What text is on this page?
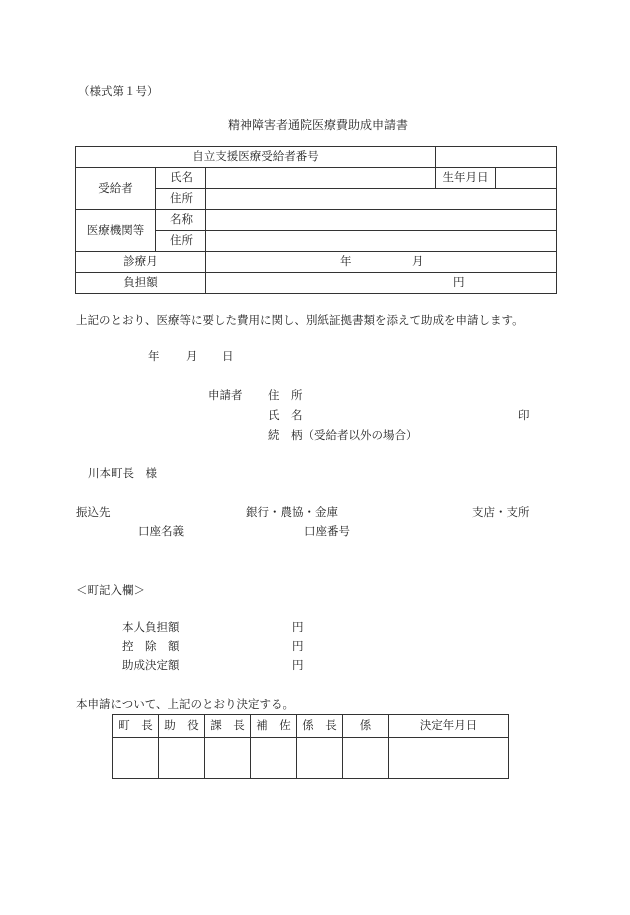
（様式第１号）
精神障害者通院医療費助成申請書
自立支援医療受給者番号				
受給者	氏名		生年月日	
	住所			
医療機関等	名称			
	住所			
診療月		年 月		

負担額		円		
上記のとおり、医療等に要した費用に関し、別紙証拠書類を添えて助成を申請します。
年 月 日
申請者 住　所
氏　名	印
続　柄（受給者以外の場合）
川本町長　様
振込先	銀行・農協・金庫	支店・支所
口座名義	口座番号
＜町記入欄＞
本人負担額	円
控　除　額	円
助成決定額	円
本申請について、上記のとおり決定する。
町　長	助　役	課　長	補　佐	係　長	係	決定年月日
